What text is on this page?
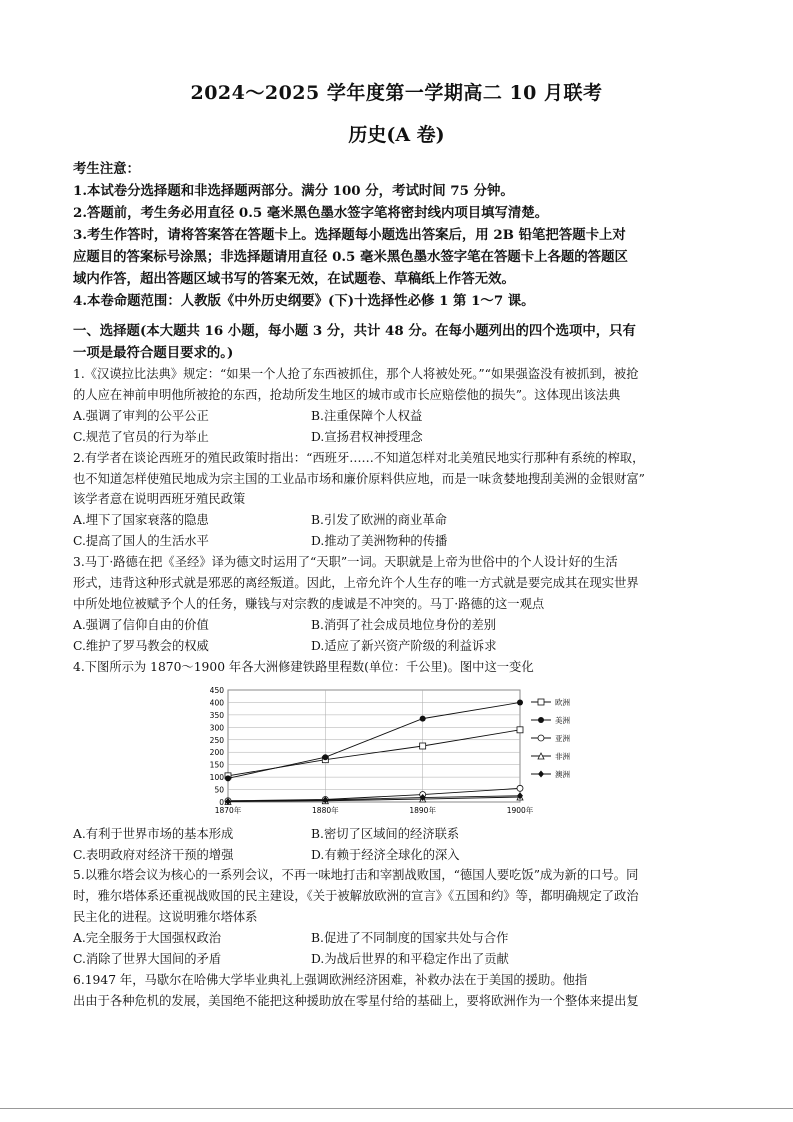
2024～2025 学年度第一学期高二 10 月联考
历史(A 卷)
考生注意：
1.本试卷分选择题和非选择题两部分。满分 100 分，考试时间 75 分钟。
2.答题前，考生务必用直径 0.5 毫米黑色墨水签字笔将密封线内项目填写清楚。
3.考生作答时，请将答案答在答题卡上。选择题每小题选出答案后，用 2B 铅笔把答题卡上对
应题目的答案标号涂黑；非选择题请用直径 0.5 毫米黑色墨水签字笔在答题卡上各题的答题区
域内作答，超出答题区域书写的答案无效，在试题卷、草稿纸上作答无效。
4.本卷命题范围：人教版《中外历史纲要》(下)十选择性必修 1 第 1～7 课。
一、选择题(本大题共 16 小题，每小题 3 分，共计 48 分。在每小题列出的四个选项中，只有
一项是最符合题目要求的。)
1.《汉谟拉比法典》规定：“如果一个人抢了东西被抓住，那个人将被处死。”“如果强盗没有被抓到，被抢
的人应在神前申明他所被抢的东西，抢劫所发生地区的城市或市长应赔偿他的损失”。这体现出该法典
A.强调了审判的公平公正	B.注重保障个人权益
C.规范了官员的行为举止	D.宣扬君权神授理念
2.有学者在谈论西班牙的殖民政策时指出：“西班牙……不知道怎样对北美殖民地实行那种有系统的榨取，
也不知道怎样使殖民地成为宗主国的工业品市场和廉价原料供应地，而是一味贪婪地搜刮美洲的金银财富”
该学者意在说明西班牙殖民政策
A.埋下了国家衰落的隐患	B.引发了欧洲的商业革命
C.提高了国人的生活水平	D.推动了美洲物种的传播
3.马丁·路德在把《圣经》译为德文时运用了“天职”一词。天职就是上帝为世俗中的个人设计好的生活
形式，违背这种形式就是邪恶的离经叛道。因此，上帝允许个人生存的唯一方式就是要完成其在现实世界
中所处地位被赋予个人的任务，赚钱与对宗教的虔诚是不冲突的。马丁·路德的这一观点
A.强调了信仰自由的价值	B.消弭了社会成员地位身份的差别
C.维护了罗马教会的权威	D.适应了新兴资产阶级的利益诉求
4.下图所示为 1870～1900 年各大洲修建铁路里程数(单位：千公里)。图中这一变化
0
50
100
150
200
250
300
350
400
450
1870年	1880年	1890年	1900年
欧洲
美洲
亚洲
非洲
澳洲
A.有利于世界市场的基本形成	B.密切了区域间的经济联系
C.表明政府对经济干预的增强	D.有赖于经济全球化的深入
5.以雅尔塔会议为核心的一系列会议，不再一味地打击和宰割战败国，“德国人要吃饭”成为新的口号。同
时，雅尔塔体系还重视战败国的民主建设，《关于被解放欧洲的宣言》《五国和约》等，都明确规定了政治
民主化的进程。这说明雅尔塔体系
A.完全服务于大国强权政治	B.促进了不同制度的国家共处与合作
C.消除了世界大国间的矛盾	D.为战后世界的和平稳定作出了贡献
6.1947 年，马歇尔在哈佛大学毕业典礼上强调欧洲经济困难，补救办法在于美国的援助。他指
出由于各种危机的发展，美国绝不能把这种援助放在零星付给的基础上，要将欧洲作为一个整体来提出复
